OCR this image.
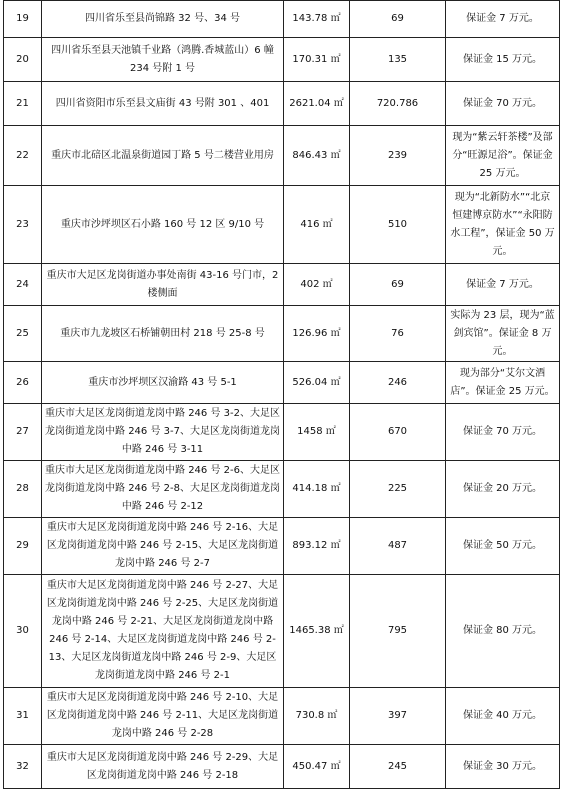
19	四川省乐至县尚锦路 32 号、34 号	143.78 ㎡	69	保证金 7 万元。
20	四川省乐至县天池镇千业路（鸿腾.香城蓝山）6 幢 234 号附 1 号	170.31 ㎡	135	保证金 15 万元。
21	四川省资阳市乐至县文庙街 43 号附 301 、401	2621.04 ㎡	720.786	保证金 70 万元。
22	重庆市北碚区北温泉街道园丁路 5 号二楼营业用房	846.43 ㎡	239	现为“紫云轩茶楼”及部分“旺源足浴”。保证金 25 万元。
23	重庆市沙坪坝区石小路 160 号 12 区 9/10 号	416 ㎡	510	现为“北新防水”“北京恒建博京防水”“永阳防水工程”，保证金 50 万元。
24	重庆市大足区龙岗街道办事处南街 43-16 号门市，2 楼侧面	402 ㎡	69	保证金 7 万元。
25	重庆市九龙坡区石桥铺朝田村 218 号 25-8 号	126.96 ㎡	76	实际为 23 层，现为“蓝剑宾馆”。保证金 8 万元。
26	重庆市沙坪坝区汉渝路 43 号 5-1	526.04 ㎡	246	现为部分“艾尔文酒店”。保证金 25 万元。
27	重庆市大足区龙岗街道龙岗中路 246 号 3-2、大足区龙岗街道龙岗中路 246 号 3-7、大足区龙岗街道龙岗中路 246 号 3-11	1458 ㎡	670	保证金 70 万元。
28	重庆市大足区龙岗街道龙岗中路 246 号 2-6、大足区龙岗街道龙岗中路 246 号 2-8、大足区龙岗街道龙岗中路 246 号 2-12	414.18 ㎡	225	保证金 20 万元。
29	重庆市大足区龙岗街道龙岗中路 246 号 2-16、大足区龙岗街道龙岗中路 246 号 2-15、大足区龙岗街道龙岗中路 246 号 2-7	893.12 ㎡	487	保证金 50 万元。
30	重庆市大足区龙岗街道龙岗中路 246 号 2-27、大足区龙岗街道龙岗中路 246 号 2-25、大足区龙岗街道龙岗中路 246 号 2-21、大足区龙岗街道龙岗中路 246 号 2-14、大足区龙岗街道龙岗中路 246 号 2-13、大足区龙岗街道龙岗中路 246 号 2-9、大足区龙岗街道龙岗中路 246 号 2-1	1465.38 ㎡	795	保证金 80 万元。
31	重庆市大足区龙岗街道龙岗中路 246 号 2-10、大足区龙岗街道龙岗中路 246 号 2-11、大足区龙岗街道龙岗中路 246 号 2-28	730.8 ㎡	397	保证金 40 万元。
32	重庆市大足区龙岗街道龙岗中路 246 号 2-29、大足区龙岗街道龙岗中路 246 号 2-18	450.47 ㎡	245	保证金 30 万元。
